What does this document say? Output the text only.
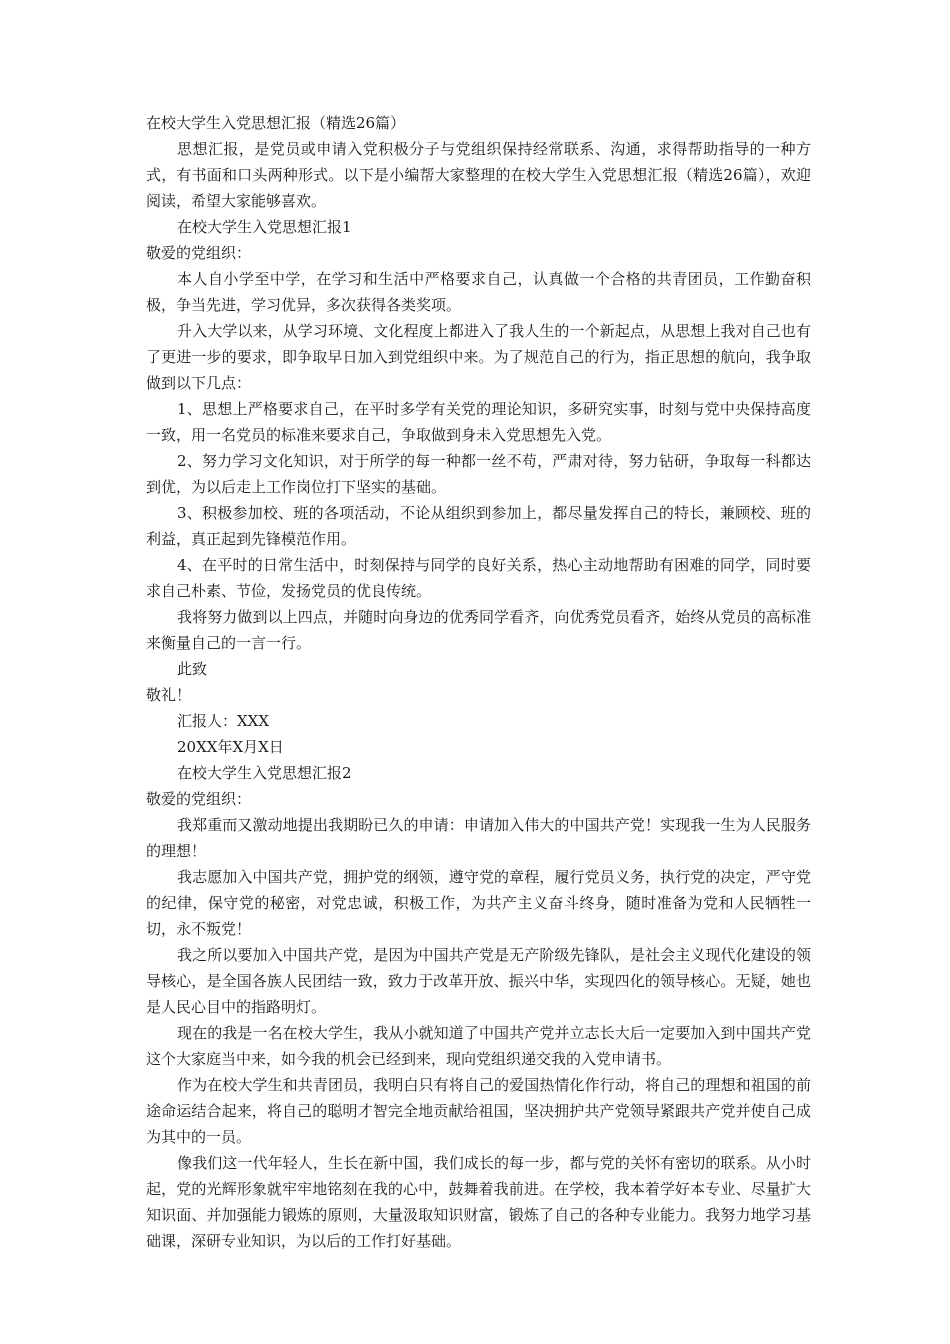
在校大学生入党思想汇报（精选26篇）

思想汇报，是党员或申请入党积极分子与党组织保持经常联系、沟通，求得帮助指导的一种方式，有书面和口头两种形式。以下是小编帮大家整理的在校大学生入党思想汇报（精选26篇），欢迎阅读，希望大家能够喜欢。

在校大学生入党思想汇报1

敬爱的党组织：

本人自小学至中学，在学习和生活中严格要求自己，认真做一个合格的共青团员，工作勤奋积极，争当先进，学习优异，多次获得各类奖项。

升入大学以来，从学习环境、文化程度上都进入了我人生的一个新起点，从思想上我对自己也有了更进一步的要求，即争取早日加入到党组织中来。为了规范自己的行为，指正思想的航向，我争取做到以下几点：

1、思想上严格要求自己，在平时多学有关党的理论知识，多研究实事，时刻与党中央保持高度一致，用一名党员的标准来要求自己，争取做到身未入党思想先入党。

2、努力学习文化知识，对于所学的每一种都一丝不苟，严肃对待，努力钻研，争取每一科都达到优，为以后走上工作岗位打下坚实的基础。

3、积极参加校、班的各项活动，不论从组织到参加上，都尽量发挥自己的特长，兼顾校、班的利益，真正起到先锋模范作用。

4、在平时的日常生活中，时刻保持与同学的良好关系，热心主动地帮助有困难的同学，同时要求自己朴素、节俭，发扬党员的优良传统。

我将努力做到以上四点，并随时向身边的优秀同学看齐，向优秀党员看齐，始终从党员的高标准来衡量自己的一言一行。

此致

敬礼！

汇报人：XXX

20XX年X月X日

在校大学生入党思想汇报2

敬爱的党组织：

我郑重而又激动地提出我期盼已久的申请：申请加入伟大的中国共产党！实现我一生为人民服务的理想！

我志愿加入中国共产党，拥护党的纲领，遵守党的章程，履行党员义务，执行党的决定，严守党的纪律，保守党的秘密，对党忠诚，积极工作，为共产主义奋斗终身，随时准备为党和人民牺牲一切，永不叛党！

我之所以要加入中国共产党，是因为中国共产党是无产阶级先锋队，是社会主义现代化建设的领导核心，是全国各族人民团结一致，致力于改革开放、振兴中华，实现四化的领导核心。无疑，她也是人民心目中的指路明灯。

现在的我是一名在校大学生，我从小就知道了中国共产党并立志长大后一定要加入到中国共产党这个大家庭当中来，如今我的机会已经到来，现向党组织递交我的入党申请书。

作为在校大学生和共青团员，我明白只有将自己的爱国热情化作行动，将自己的理想和祖国的前途命运结合起来，将自己的聪明才智完全地贡献给祖国，坚决拥护共产党领导紧跟共产党并使自己成为其中的一员。

像我们这一代年轻人，生长在新中国，我们成长的每一步，都与党的关怀有密切的联系。从小时起，党的光辉形象就牢牢地铭刻在我的心中，鼓舞着我前进。在学校，我本着学好本专业、尽量扩大知识面、并加强能力锻炼的原则，大量汲取知识财富，锻炼了自己的各种专业能力。我努力地学习基础课，深研专业知识，为以后的工作打好基础。
